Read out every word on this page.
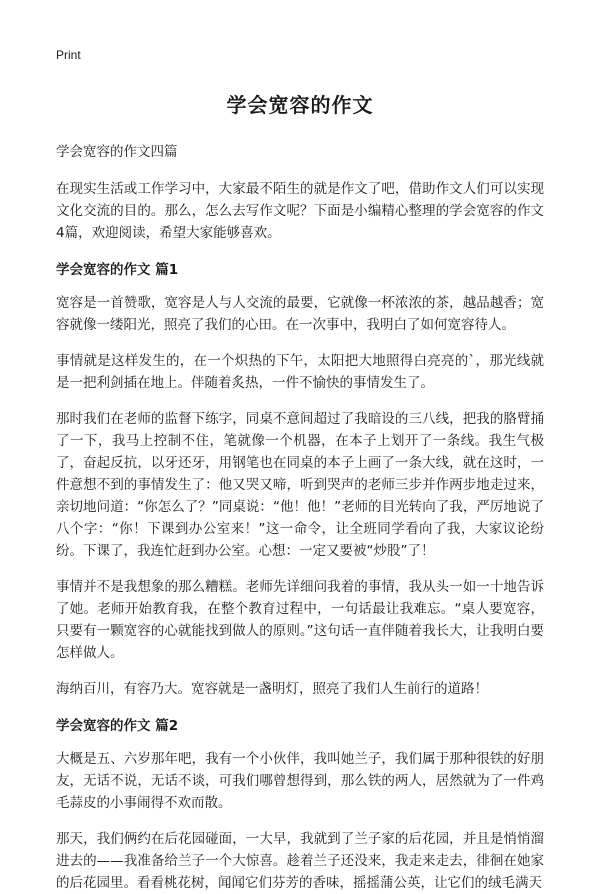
Print
学会宽容的作文
学会宽容的作文四篇

在现实生活或工作学习中，大家最不陌生的就是作文了吧，借助作文人们可以实现文化交流的目的。那么，怎么去写作文呢？下面是小编精心整理的学会宽容的作文4篇，欢迎阅读，希望大家能够喜欢。

学会宽容的作文 篇1

宽容是一首赞歌，宽容是人与人交流的最要，它就像一杯浓浓的茶，越品越香；宽容就像一缕阳光，照亮了我们的心田。在一次事中，我明白了如何宽容待人。

事情就是这样发生的，在一个炽热的下午，太阳把大地照得白亮亮的`，那光线就是一把利剑插在地上。伴随着炙热，一件不愉快的事情发生了。

那时我们在老师的监督下练字，同桌不意间超过了我暗设的三八线，把我的胳臂捅了一下，我马上控制不住，笔就像一个机器，在本子上划开了一条线。我生气极了，奋起反抗，以牙还牙，用钢笔也在同桌的本子上画了一条大线，就在这时，一件意想不到的事情发生了：他又哭又啼，听到哭声的老师三步并作两步地走过来，亲切地问道：“你怎么了？”同桌说：“他！他！”老师的目光转向了我，严厉地说了八个字：“你！下课到办公室来！”这一命令，让全班同学看向了我，大家议论纷纷。下课了，我连忙赶到办公室。心想：一定又要被“炒股”了！

事情并不是我想象的那么糟糕。老师先详细问我着的事情，我从头一如一十地告诉了她。老师开始教育我，在整个教育过程中，一句话最让我难忘。“桌人要宽容，只要有一颗宽容的心就能找到做人的原则。”这句话一直伴随着我长大，让我明白要怎样做人。

海纳百川，有容乃大。宽容就是一盏明灯，照亮了我们人生前行的道路！

学会宽容的作文 篇2

大概是五、六岁那年吧，我有一个小伙伴，我叫她兰子，我们属于那种很铁的好朋友，无话不说，无话不谈，可我们哪曾想得到，那么铁的两人，居然就为了一件鸡毛蒜皮的小事闹得不欢而散。

那天，我们俩约在后花园碰面，一大早，我就到了兰子家的后花园，并且是悄悄溜进去的——我准备给兰子一个大惊喜。趁着兰子还没来，我走来走去，徘徊在她家的后花园里。看看桃花树，闻闻它们芬芳的香味，摇摇蒲公英，让它们的绒毛满天
